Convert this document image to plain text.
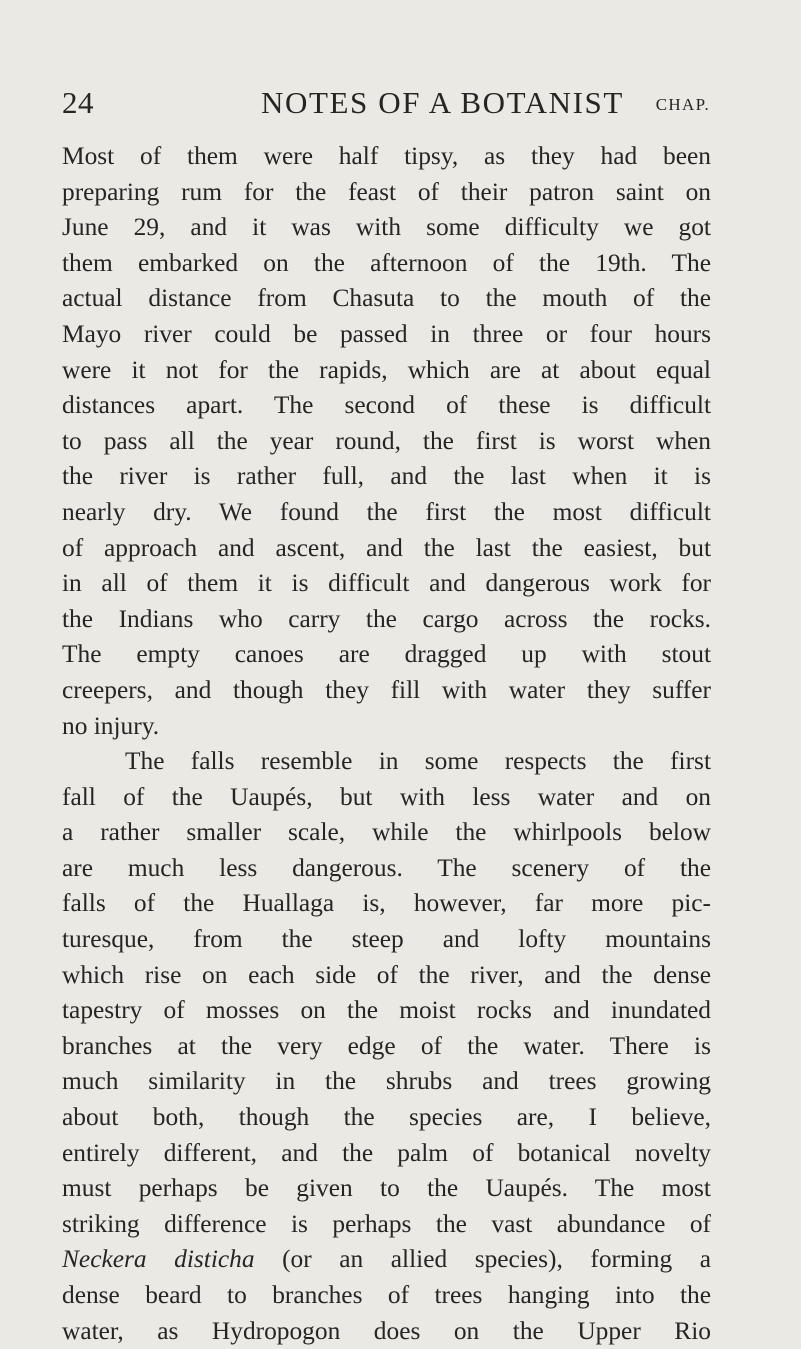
24	NOTES OF A BOTANIST CHAP.
Most of them were half tipsy, as they had been
preparing rum for the feast of their patron saint on
June 29, and it was with some difficulty we got
them embarked on the afternoon of the 19th. The
actual distance from Chasuta to the mouth of the
Mayo river could be passed in three or four hours
were it not for the rapids, which are at about equal
distances apart. The second of these is difficult
to pass all the year round, the first is worst when
the river is rather full, and the last when it is
nearly dry. We found the first the most difficult
of approach and ascent, and the last the easiest, but
in all of them it is difficult and dangerous work for
the Indians who carry the cargo across the rocks.
The empty canoes are dragged up with stout
creepers, and though they fill with water they suffer
no injury.
The falls resemble in some respects the first
fall of the Uaupés, but with less water and on
a rather smaller scale, while the whirlpools below
are much less dangerous. The scenery of the
falls of the Huallaga is, however, far more pic-
turesque, from the steep and lofty mountains
which rise on each side of the river, and the dense
tapestry of mosses on the moist rocks and inundated
branches at the very edge of the water. There is
much similarity in the shrubs and trees growing
about both, though the species are, I believe,
entirely different, and the palm of botanical novelty
must perhaps be given to the Uaupés. The most
striking difference is perhaps the vast abundance of
Neckera disticha (or an allied species), forming a
dense beard to branches of trees hanging into the
water, as Hydropogon does on the Upper Rio
